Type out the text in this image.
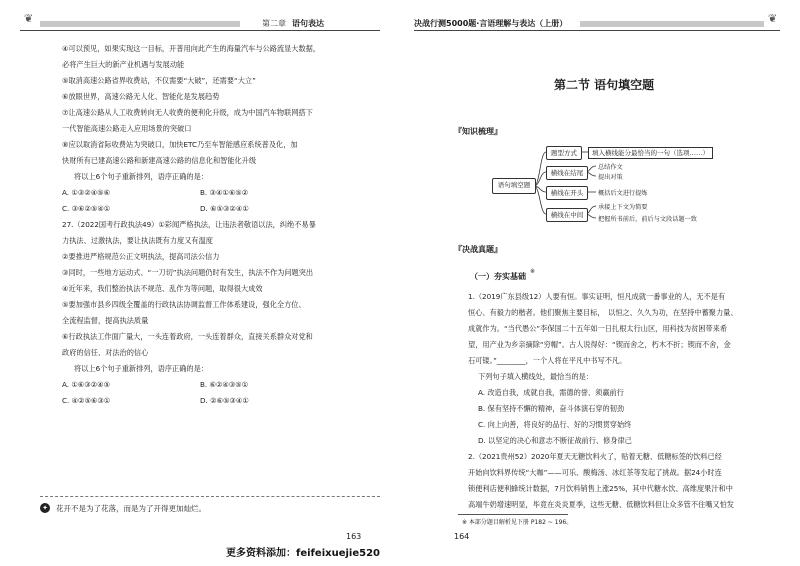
❦	第二章 语句表达
④可以预见，如果实现这一目标，开普用向此产生的海量汽车与公路流显大数据，
必将产生巨大的新产业机遇与发展动能
⑤取消高速公路省界收费站，不仅需要“大破”，还需要“大立”
⑥放眼世界，高速公路无人化、智能化是发展趋势
⑦让高速公路从人工收费转向无人收费的便利化升级，成为中国汽车物联网搭下
一代智能高速公路走入应用场景的突破口
⑧应以取消省际收费站为突破口，加快ETC乃至车智能感应系统普及化，加
快财所有已建高速公路和新建高速公路的信息化和智能化升级
将以上6个句子重新排列，语序正确的是：
A. ①③②④⑤⑥	B. ③④①⑥⑤②
C. ③⑥②⑤④①	D. ⑥⑤③②④①
27.（2022国考行政执法49）①彩闻严格执法，让违法者敬语以法，纠绝不易暴
力执法、过激执法，要让执法既有力度又有温度
②要推进严格规范公正文明执法，提高司法公信力
③同时，一些地方运动式、“一刀切”执法问题仍时有发生，执法不作为问题突出
④近年来，我们整治执法不规范、乱作为等问题，取得很大成效
⑤要加强市县乡四级全覆盖的行政执法协调监督工作体系建设，强化全方位、
全流程监督，提高执法质量
⑥行政执法工作面广量大，一头连着政府，一头连着群众，直接关系群众对党和
政府的信任、对法治的信心
将以上6个句子重新排列，语序正确的是：
A. ①⑥③②④⑤	B. ⑥②④③⑤①
C. ④②⑤⑥③①	D. ②⑥⑤③④①
✦ 花开不是为了花落，而是为了开得更加灿烂。
163
更多资料添加：feifeixuejie520
决战行测5000题·言语理解与表达（上册）	❦
第二节 语句填空题
『知识梳理』
语句填空题
题型方式
横线在结尾
横线在开头
横线在中间
填入横线能分最恰当的一句（选项……）
总结作文
提出对策
概括后文进行提炼
承接上下文为简要
把握所书前后，前后与文段话题一致
『决战真题』
（一）夯实基础
※
1.（2019广东县级12）人要有恒。事实证明，恒凡成就一番事业的人，无不是有
恒心、有毅力的楷者。他们聚焦主要目标，　以恒之、久久为功，在坚持中蓄聚力量、
成就作为。“当代愚公”李保国二十五年如一日扎根太行山区，用科技为贫困带来希
望，用产业为乡亲摘除“穷帽”。古人说得好：“锲而舍之，朽木不折；锲而不舍，金
石可镂。”________，一个人将在平凡中书写不凡。
下列句子填入横线处，最恰当的是：
A. 改造自我，成就自我，需德的誉、须赢前行
B. 保有坚持不懈的精神，奋斗体演石穿的韧劲
C. 向上向善，将良好的品行、好的习惯贯穿始终
D. 以坚定的决心和意志不断征战前行、修身律己
2.（2021贵州52）2020年夏天无糖饮料火了，贴着无糖、低糖标签的饮料已经
开始向饮料界传统“大咖”——可乐、酸梅汤、冰红茶等发起了挑战。据24小时连
锁便利店便利蜂统计数据，7月饮料销售上涨25%，其中代糖水饮、高维度果汁和中
高端牛奶增速明显，毕竟在炎炎夏季，这些无糖、低糖饮料但让众多管不住嘴又怕发
※ 本部分题目解析见下册 P182 ~ 196。
164
